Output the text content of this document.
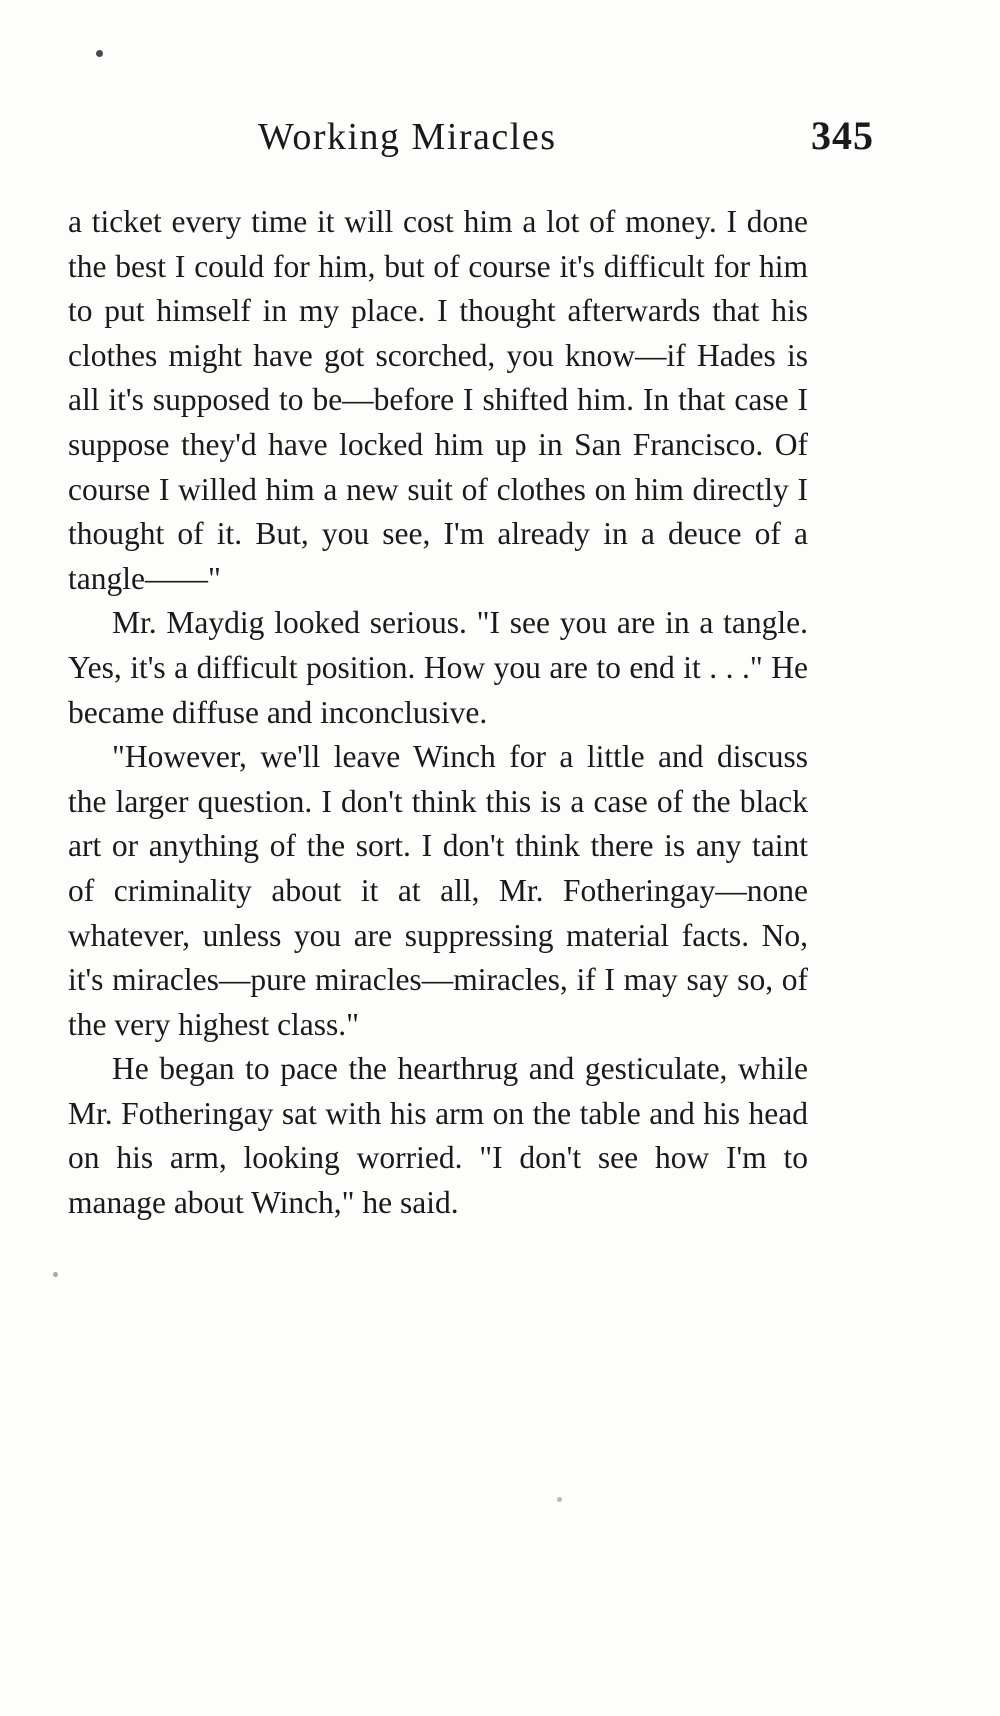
Working Miracles	345

a ticket every time it will cost him a lot of money. I done the best I could for him, but of course it's difficult for him to put himself in my place. I thought afterwards that his clothes might have got scorched, you know—if Hades is all it's supposed to be—before I shifted him. In that case I suppose they'd have locked him up in San Francisco. Of course I willed him a new suit of clothes on him directly I thought of it. But, you see, I'm already in a deuce of a tangle——"

Mr. Maydig looked serious. "I see you are in a tangle. Yes, it's a difficult position. How you are to end it . . ." He became diffuse and inconclusive.

"However, we'll leave Winch for a little and discuss the larger question. I don't think this is a case of the black art or anything of the sort. I don't think there is any taint of criminality about it at all, Mr. Fotheringay—none whatever, unless you are suppressing material facts. No, it's miracles—pure miracles—miracles, if I may say so, of the very highest class."

He began to pace the hearthrug and gesticulate, while Mr. Fotheringay sat with his arm on the table and his head on his arm, looking worried. "I don't see how I'm to manage about Winch," he said.
